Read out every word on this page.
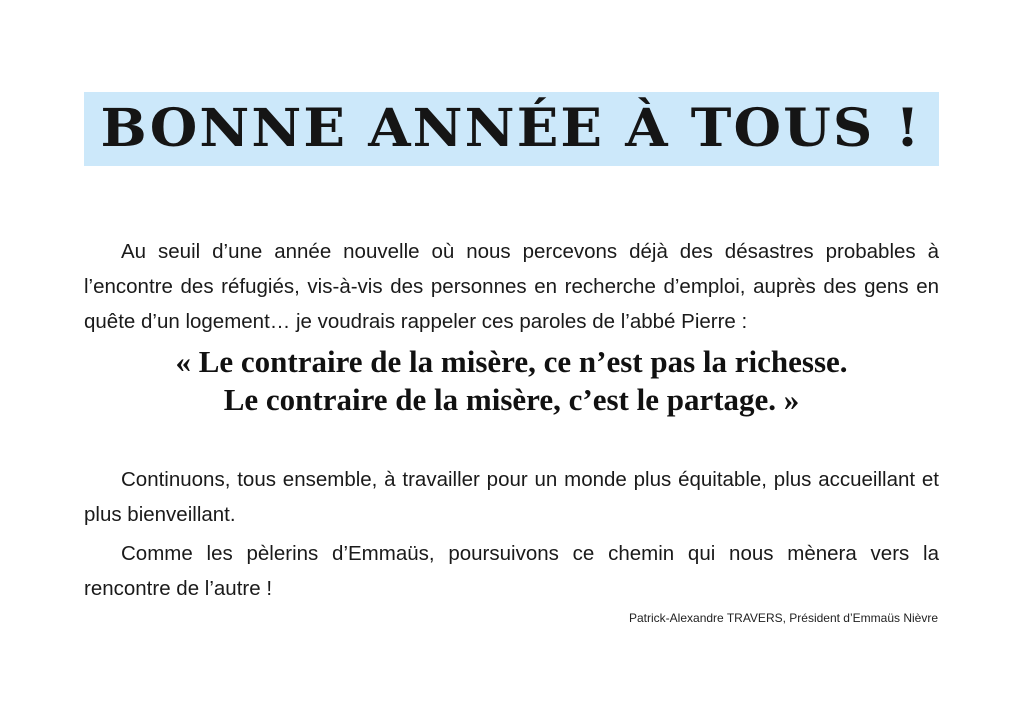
BONNE ANNÉE À TOUS !

Au seuil d’une année nouvelle où nous percevons déjà des désastres probables à l’encontre des réfugiés, vis-à-vis des personnes en recherche d’emploi, auprès des gens en quête d’un logement… je voudrais rappeler ces paroles de l’abbé Pierre :

« Le contraire de la misère, ce n’est pas la richesse.
Le contraire de la misère, c’est le partage. »

Continuons, tous ensemble, à travailler pour un monde plus équitable, plus accueillant et plus bienveillant.

Comme les pèlerins d’Emmaüs, poursuivons ce chemin qui nous mènera vers la rencontre de l’autre !

Patrick-Alexandre TRAVERS, Président d’Emmaüs Nièvre
